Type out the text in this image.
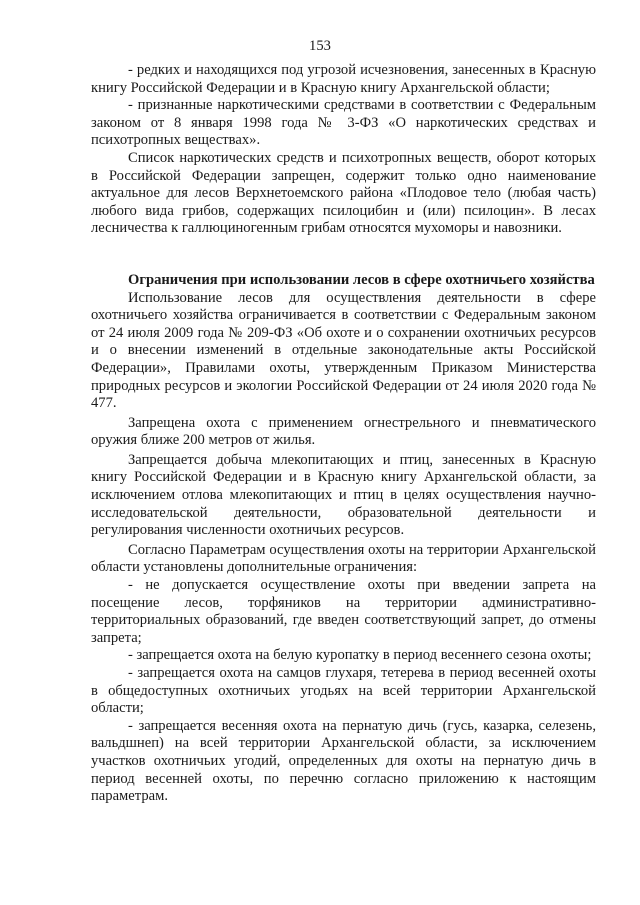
153

- редких и находящихся под угрозой исчезновения, занесенных в Красную книгу Российской Федерации и в Красную книгу Архангельской области;

- признанные наркотическими средствами в соответствии с Федеральным законом от 8 января 1998 года № 3-ФЗ «О наркотических средствах и психотропных веществах».

Список наркотических средств и психотропных веществ, оборот которых в Российской Федерации запрещен, содержит только одно наименование актуальное для лесов Верхнетоемского района «Плодовое тело (любая часть) любого вида грибов, содержащих псилоцибин и (или) псилоцин». В лесах лесничества к галлюциногенным грибам относятся мухоморы и навозники.

Ограничения при использовании лесов в сфере охотничьего хозяйства

Использование лесов для осуществления деятельности в сфере охотничьего хозяйства ограничивается в соответствии с Федеральным законом от 24 июля 2009 года № 209-ФЗ «Об охоте и о сохранении охотничьих ресурсов и о внесении изменений в отдельные законодательные акты Российской Федерации», Правилами охоты, утвержденным Приказом Министерства природных ресурсов и экологии Российской Федерации от 24 июля 2020 года № 477.

Запрещена охота с применением огнестрельного и пневматического оружия ближе 200 метров от жилья.

Запрещается добыча млекопитающих и птиц, занесенных в Красную книгу Российской Федерации и в Красную книгу Архангельской области, за исключением отлова млекопитающих и птиц в целях осуществления научно-исследовательской деятельности, образовательной деятельности и регулирования численности охотничьих ресурсов.

Согласно Параметрам осуществления охоты на территории Архангельской области установлены дополнительные ограничения:

- не допускается осуществление охоты при введении запрета на посещение лесов, торфяников на территории административно-территориальных образований, где введен соответствующий запрет, до отмены запрета;

- запрещается охота на белую куропатку в период весеннего сезона охоты;

- запрещается охота на самцов глухаря, тетерева в период весенней охоты в общедоступных охотничьих угодьях на всей территории Архангельской области;

- запрещается весенняя охота на пернатую дичь (гусь, казарка, селезень, вальдшнеп) на всей территории Архангельской области, за исключением участков охотничьих угодий, определенных для охоты на пернатую дичь в период весенней охоты, по перечню согласно приложению к настоящим параметрам.
